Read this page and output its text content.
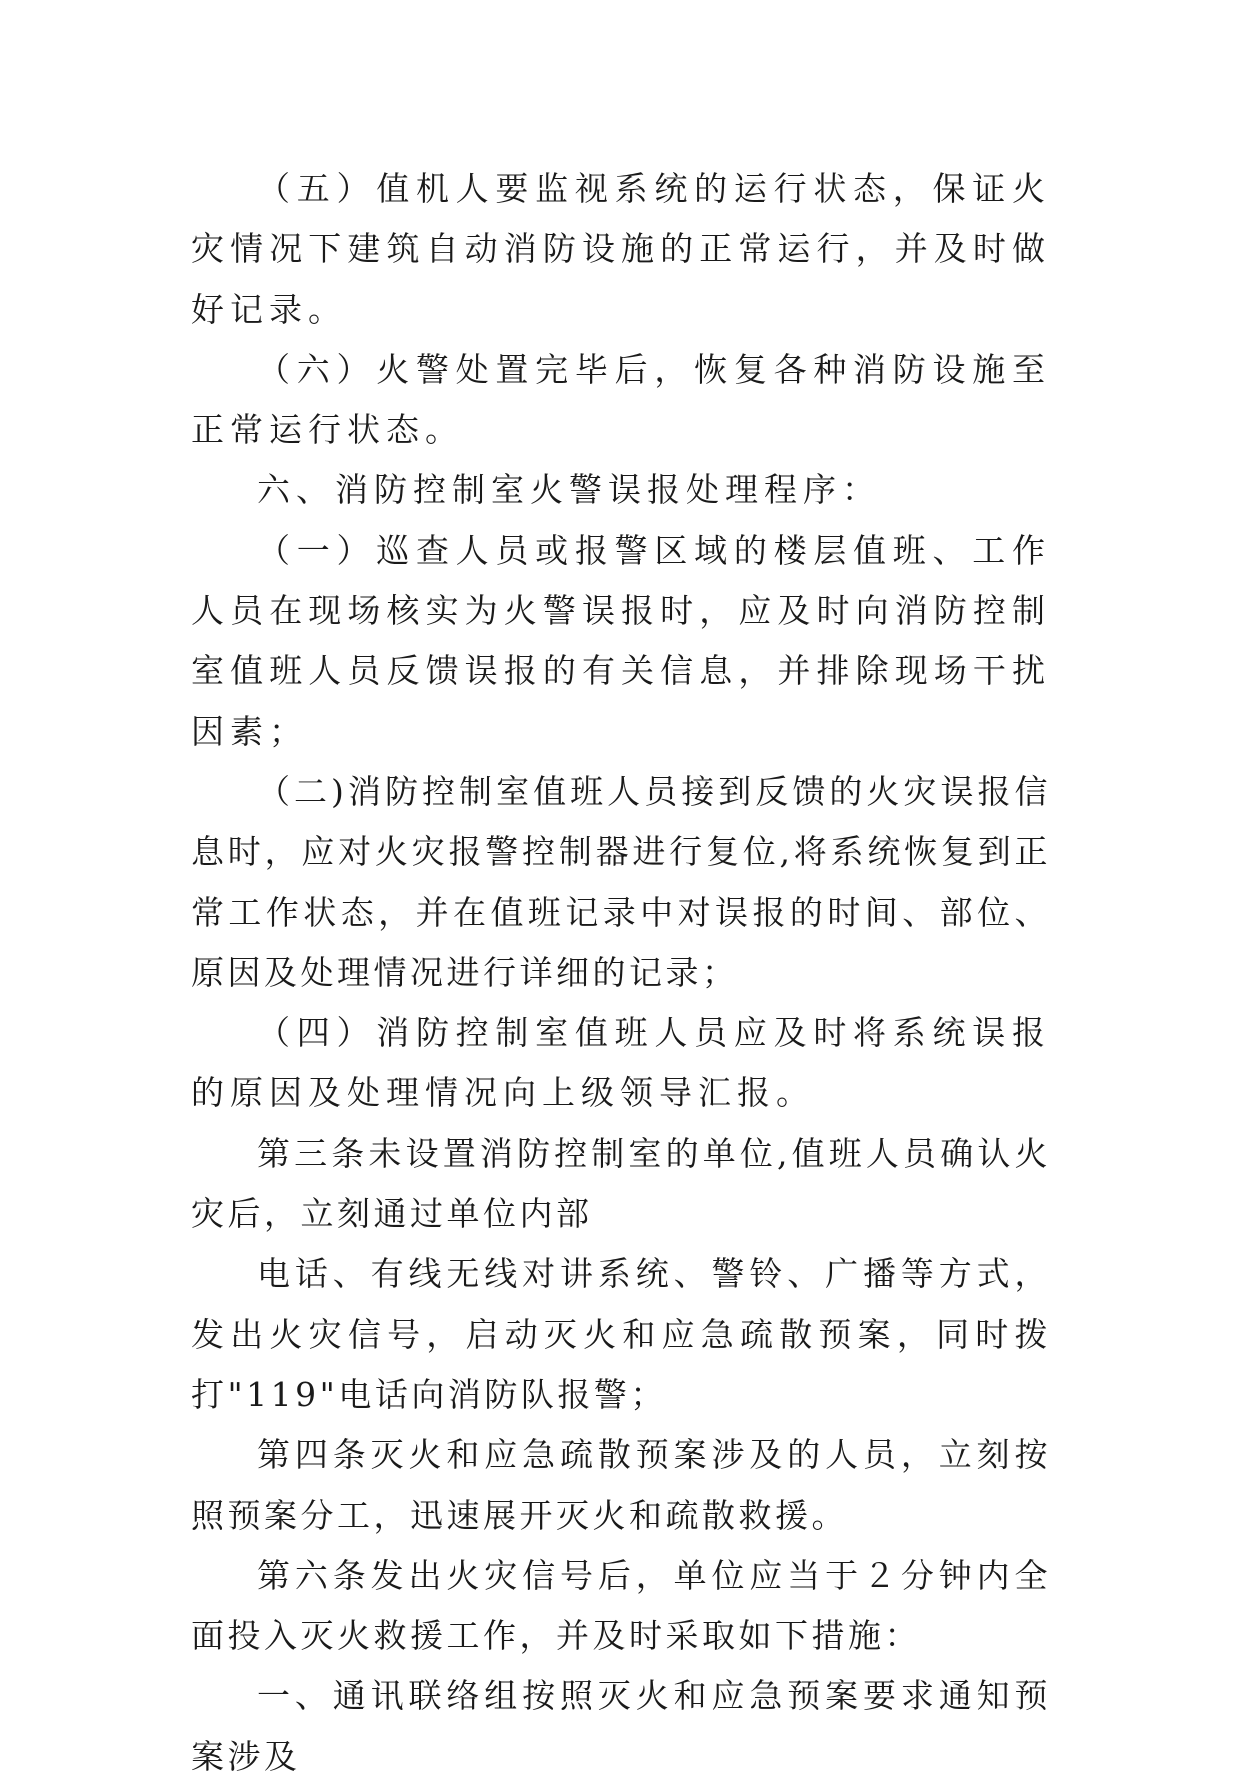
（五）值机人要监视系统的运行状态，保证火灾情况下建筑自动消防设施的正常运行，并及时做好记录。

（六）火警处置完毕后，恢复各种消防设施至正常运行状态。

六、消防控制室火警误报处理程序：

（一）巡查人员或报警区域的楼层值班、工作人员在现场核实为火警误报时，应及时向消防控制室值班人员反馈误报的有关信息，并排除现场干扰因素；

（二)消防控制室值班人员接到反馈的火灾误报信息时，应对火灾报警控制器进行复位,将系统恢复到正常工作状态，并在值班记录中对误报的时间、部位、原因及处理情况进行详细的记录；

（四）消防控制室值班人员应及时将系统误报的原因及处理情况向上级领导汇报。

第三条未设置消防控制室的单位,值班人员确认火灾后，立刻通过单位内部

电话、有线无线对讲系统、警铃、广播等方式，发出火灾信号，启动灭火和应急疏散预案，同时拨打"119"电话向消防队报警；

第四条灭火和应急疏散预案涉及的人员，立刻按照预案分工，迅速展开灭火和疏散救援。

第六条发出火灾信号后，单位应当于２分钟内全面投入灭火救援工作，并及时采取如下措施：

一、通讯联络组按照灭火和应急预案要求通知预案涉及
